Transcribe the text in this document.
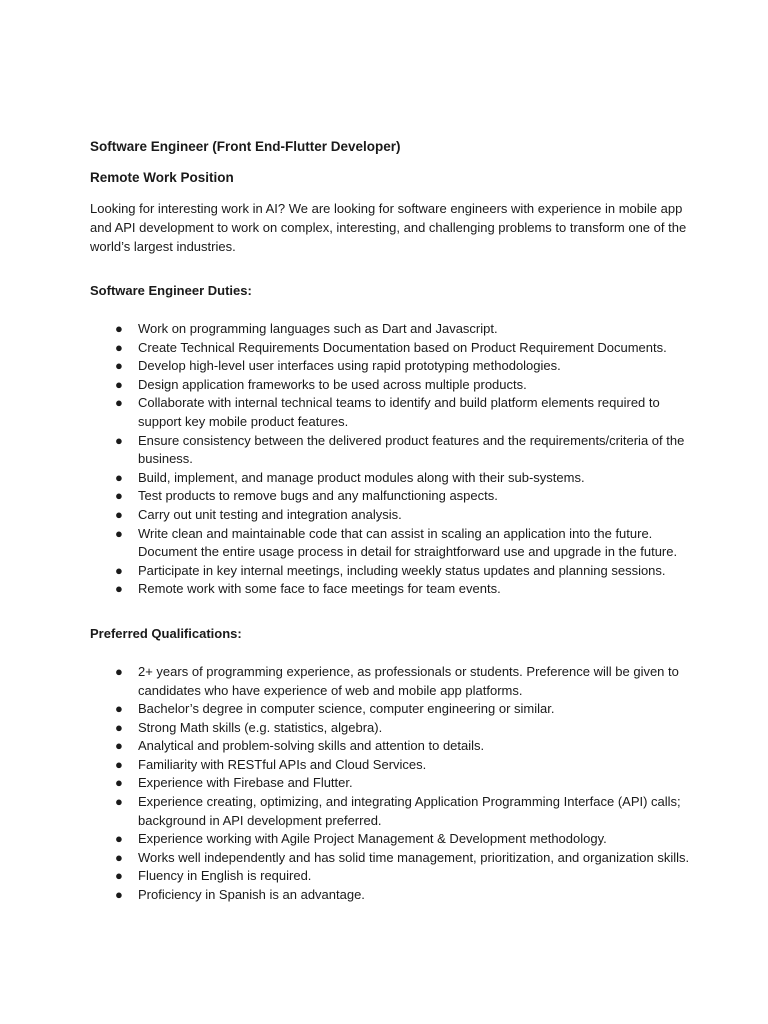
Software Engineer (Front End-Flutter Developer)
Remote Work Position

Looking for interesting work in AI? We are looking for software engineers with experience in mobile app and API development to work on complex, interesting, and challenging problems to transform one of the world’s largest industries.

Software Engineer Duties:
● Work on programming languages such as Dart and Javascript.
● Create Technical Requirements Documentation based on Product Requirement Documents.
● Develop high-level user interfaces using rapid prototyping methodologies.
● Design application frameworks to be used across multiple products.
● Collaborate with internal technical teams to identify and build platform elements required to support key mobile product features.
● Ensure consistency between the delivered product features and the requirements/criteria of the business.
● Build, implement, and manage product modules along with their sub-systems.
● Test products to remove bugs and any malfunctioning aspects.
● Carry out unit testing and integration analysis.
● Write clean and maintainable code that can assist in scaling an application into the future. Document the entire usage process in detail for straightforward use and upgrade in the future.
● Participate in key internal meetings, including weekly status updates and planning sessions.
● Remote work with some face to face meetings for team events.
Preferred Qualifications:
● 2+ years of programming experience, as professionals or students. Preference will be given to candidates who have experience of web and mobile app platforms.
● Bachelor’s degree in computer science, computer engineering or similar.
● Strong Math skills (e.g. statistics, algebra).
● Analytical and problem-solving skills and attention to details.
● Familiarity with RESTful APIs and Cloud Services.
● Experience with Firebase and Flutter.
● Experience creating, optimizing, and integrating Application Programming Interface (API) calls; background in API development preferred.
● Experience working with Agile Project Management & Development methodology.
● Works well independently and has solid time management, prioritization, and organization skills.
● Fluency in English is required.
● Proficiency in Spanish is an advantage.
